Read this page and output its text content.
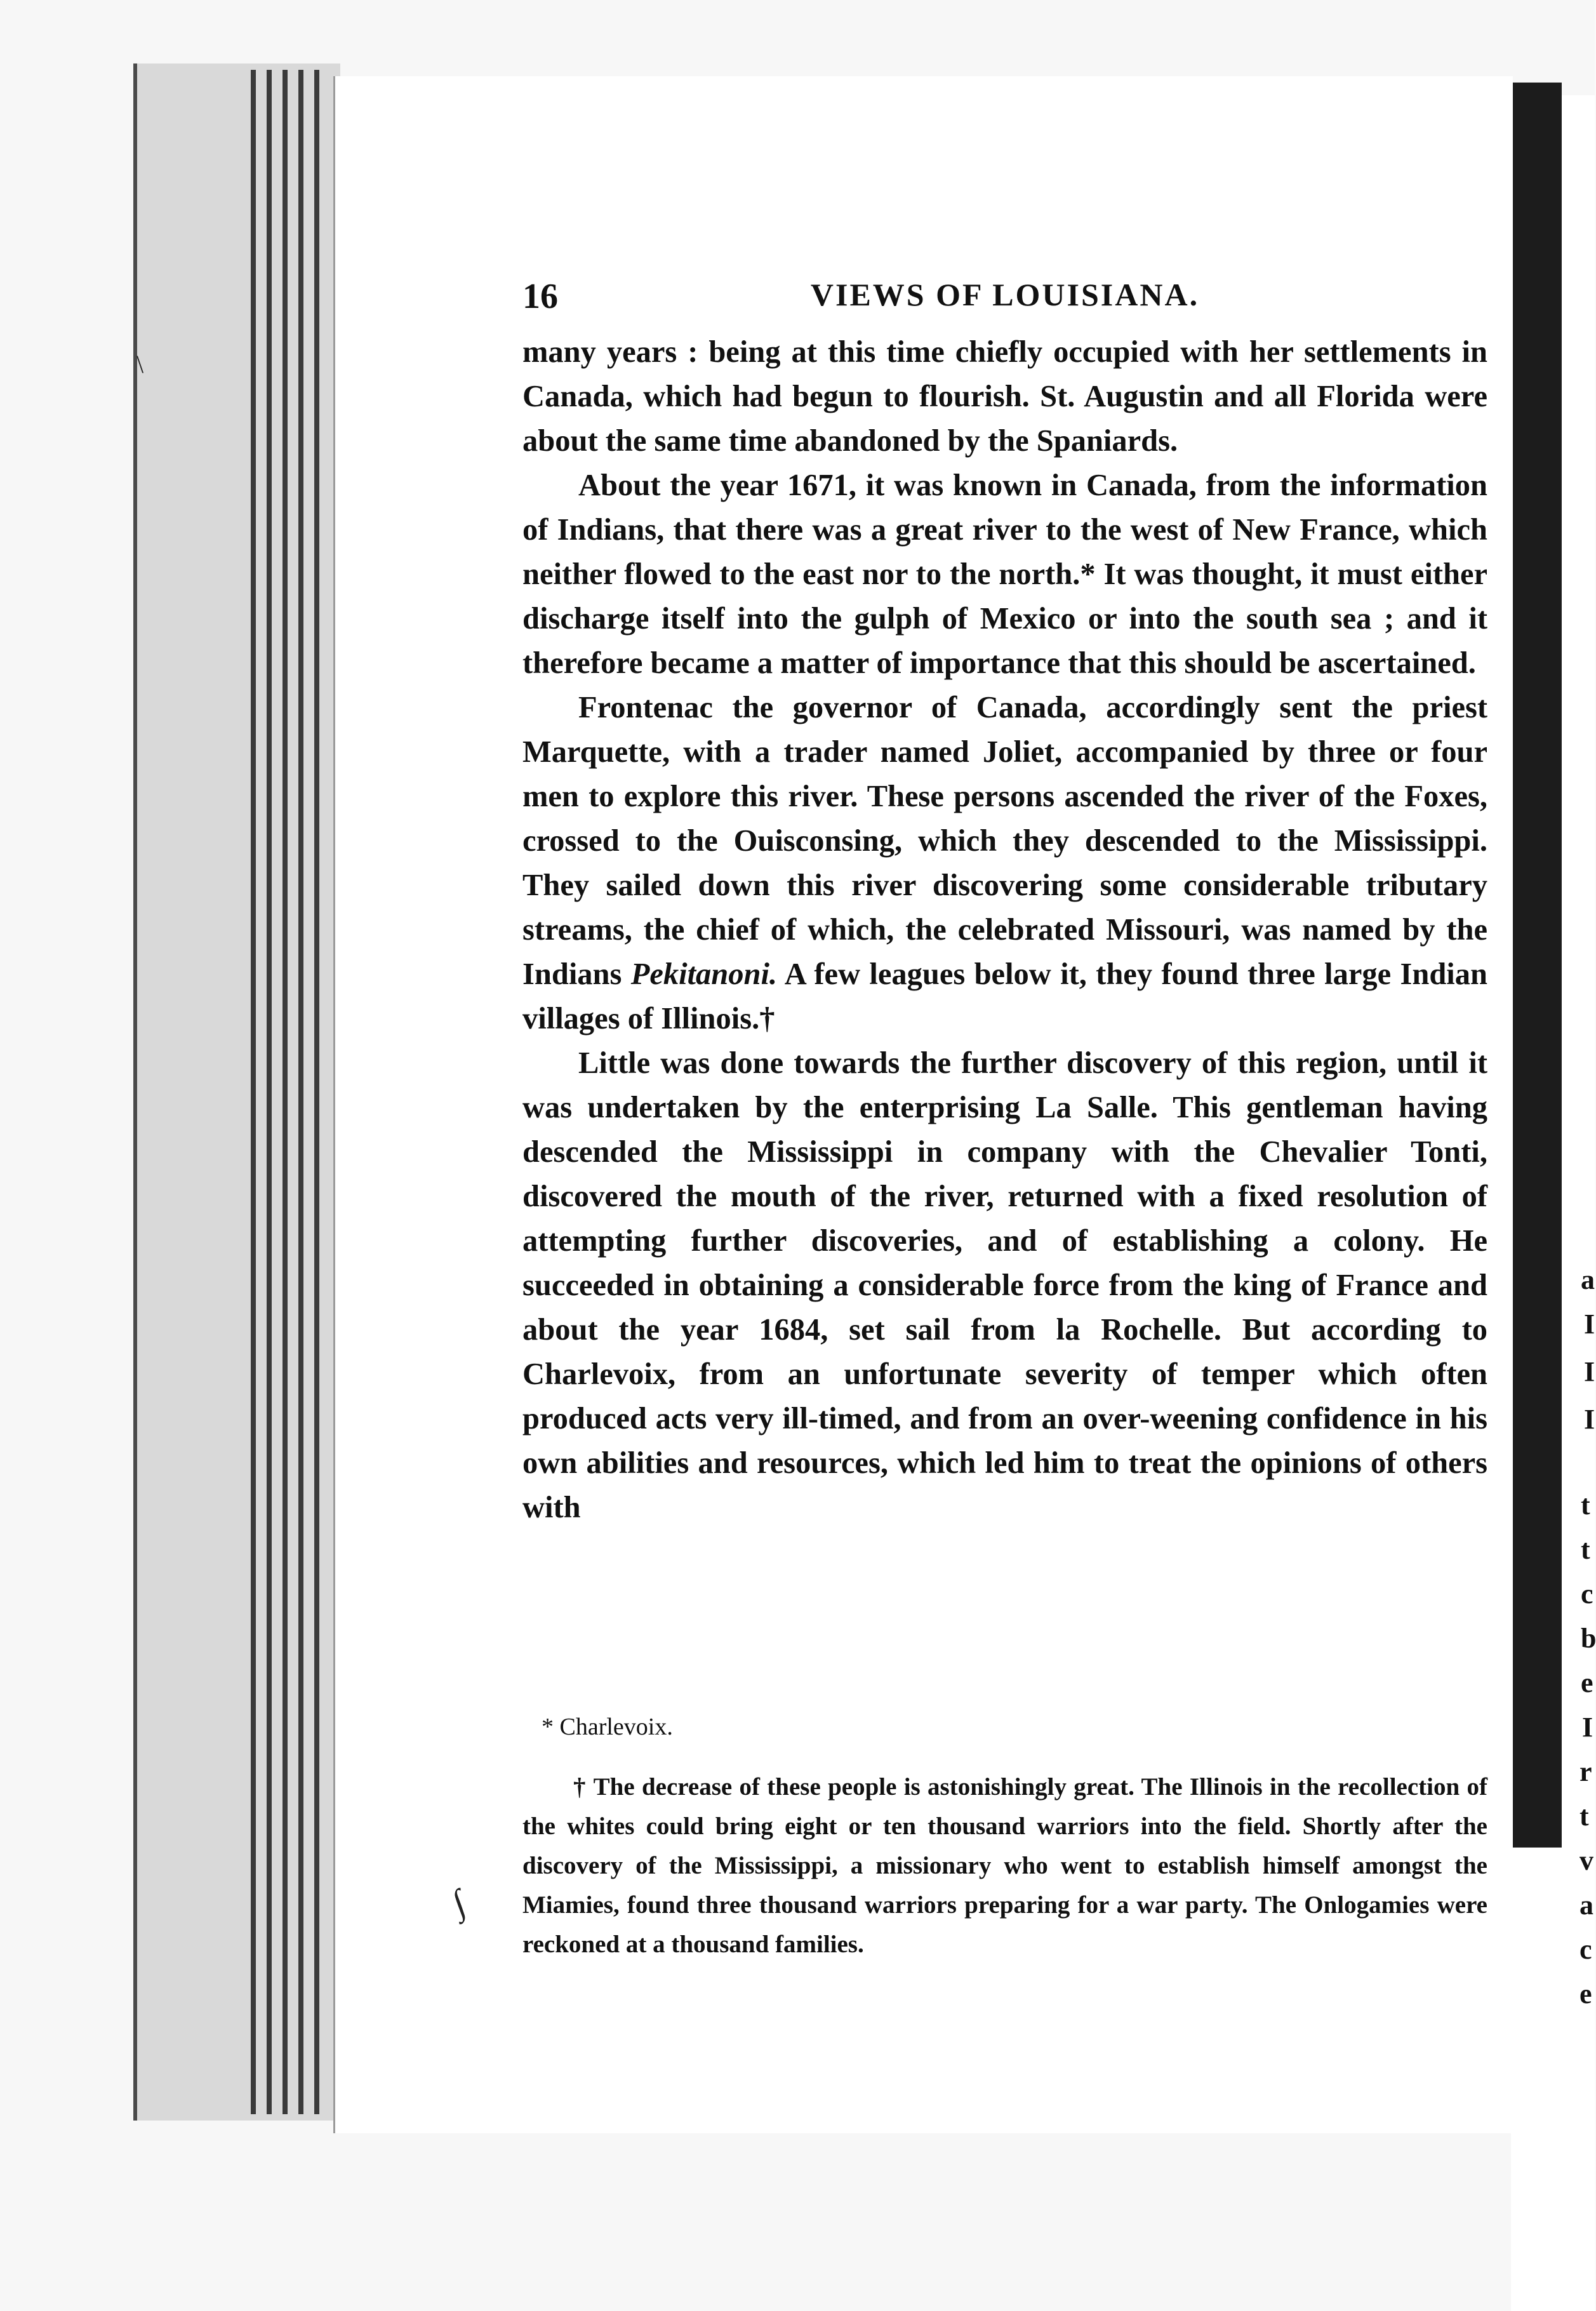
\
a
I
I
I
t
t
c
b
e
I
r
t
v
a
c
e
16	VIEWS OF LOUISIANA.

many years : being at this time chiefly occupied with her settlements in Canada, which had begun to flourish. St. Augustin and all Florida were about the same time abandoned by the Spaniards.

About the year 1671, it was known in Canada, from the information of Indians, that there was a great river to the west of New France, which neither flowed to the east nor to the north.* It was thought, it must either discharge itself into the gulph of Mexico or into the south sea ; and it therefore became a matter of importance that this should be ascertained.

Frontenac the governor of Canada, accordingly sent the priest Marquette, with a trader named Joliet, accompanied by three or four men to explore this river. These persons ascended the river of the Foxes, crossed to the Ouisconsing, which they descended to the Mississippi. They sailed down this river discovering some considerable tributary streams, the chief of which, the celebrated Missouri, was named by the Indians Pekitanoni. A few leagues below it, they found three large Indian villages of Illinois.†

Little was done towards the further discovery of this region, until it was undertaken by the enterprising La Salle. This gentleman having descended the Mississippi in company with the Chevalier Tonti, discovered the mouth of the river, returned with a fixed resolution of attempting further discoveries, and of establishing a colony. He succeeded in obtaining a considerable force from the king of France and about the year 1684, set sail from la Rochelle. But according to Charlevoix, from an unfortunate severity of temper which often produced acts very ill-timed, and from an over-weening confidence in his own abilities and resources, which led him to treat the opinions of others with

* Charlevoix.

† The decrease of these people is astonishingly great. The Illinois in the recollection of the whites could bring eight or ten thousand warriors into the field. Shortly after the discovery of the Mississippi, a missionary who went to establish himself amongst the Miamies, found three thousand warriors preparing for a war party. The Onlogamies were reckoned at a thousand families.

∫
